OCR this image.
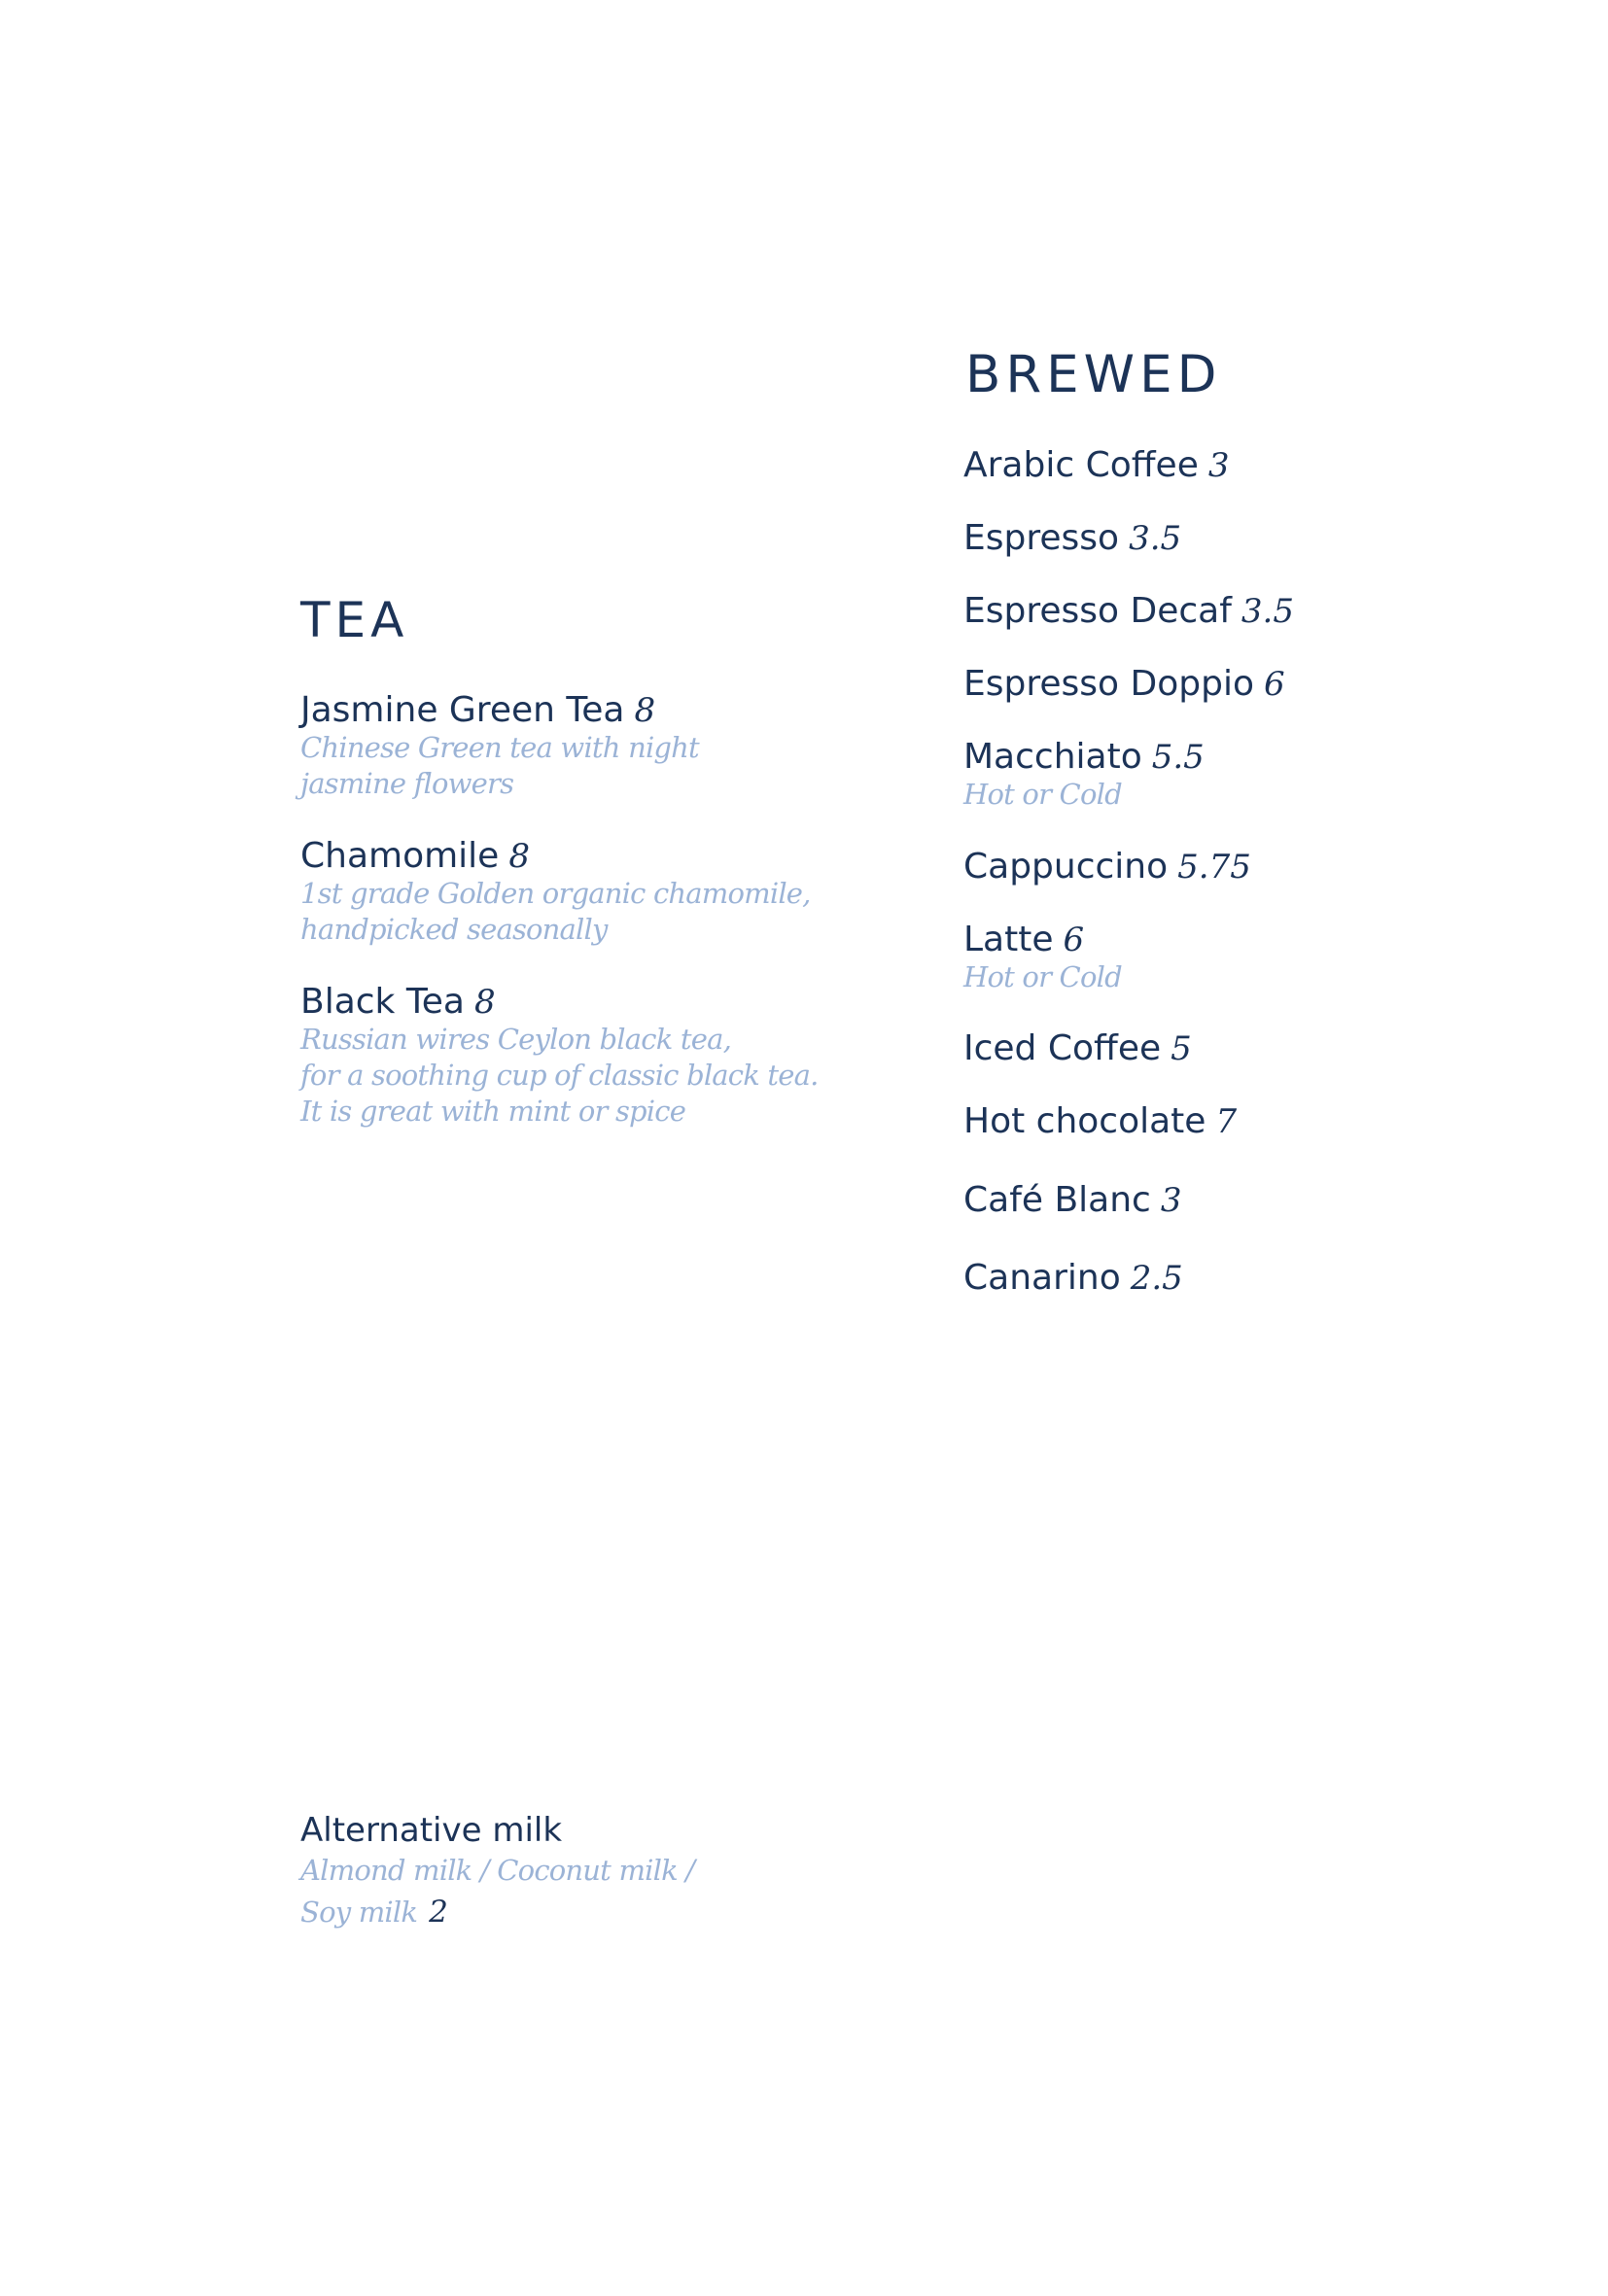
TEA
Jasmine Green Tea 8
Chinese Green tea with night
jasmine flowers
Chamomile 8
1st grade Golden organic chamomile,
handpicked seasonally
Black Tea 8
Russian wires Ceylon black tea,
for a soothing cup of classic black tea.
It is great with mint or spice
BREWED
Arabic Coffee 3
Espresso 3.5
Espresso Decaf 3.5
Espresso Doppio 6
Macchiato 5.5
Hot or Cold
Cappuccino 5.75
Latte 6
Hot or Cold
Iced Coffee 5
Hot chocolate 7
Café Blanc 3
Canarino 2.5
Alternative milk
Almond milk / Coconut milk /
Soy milk 2
